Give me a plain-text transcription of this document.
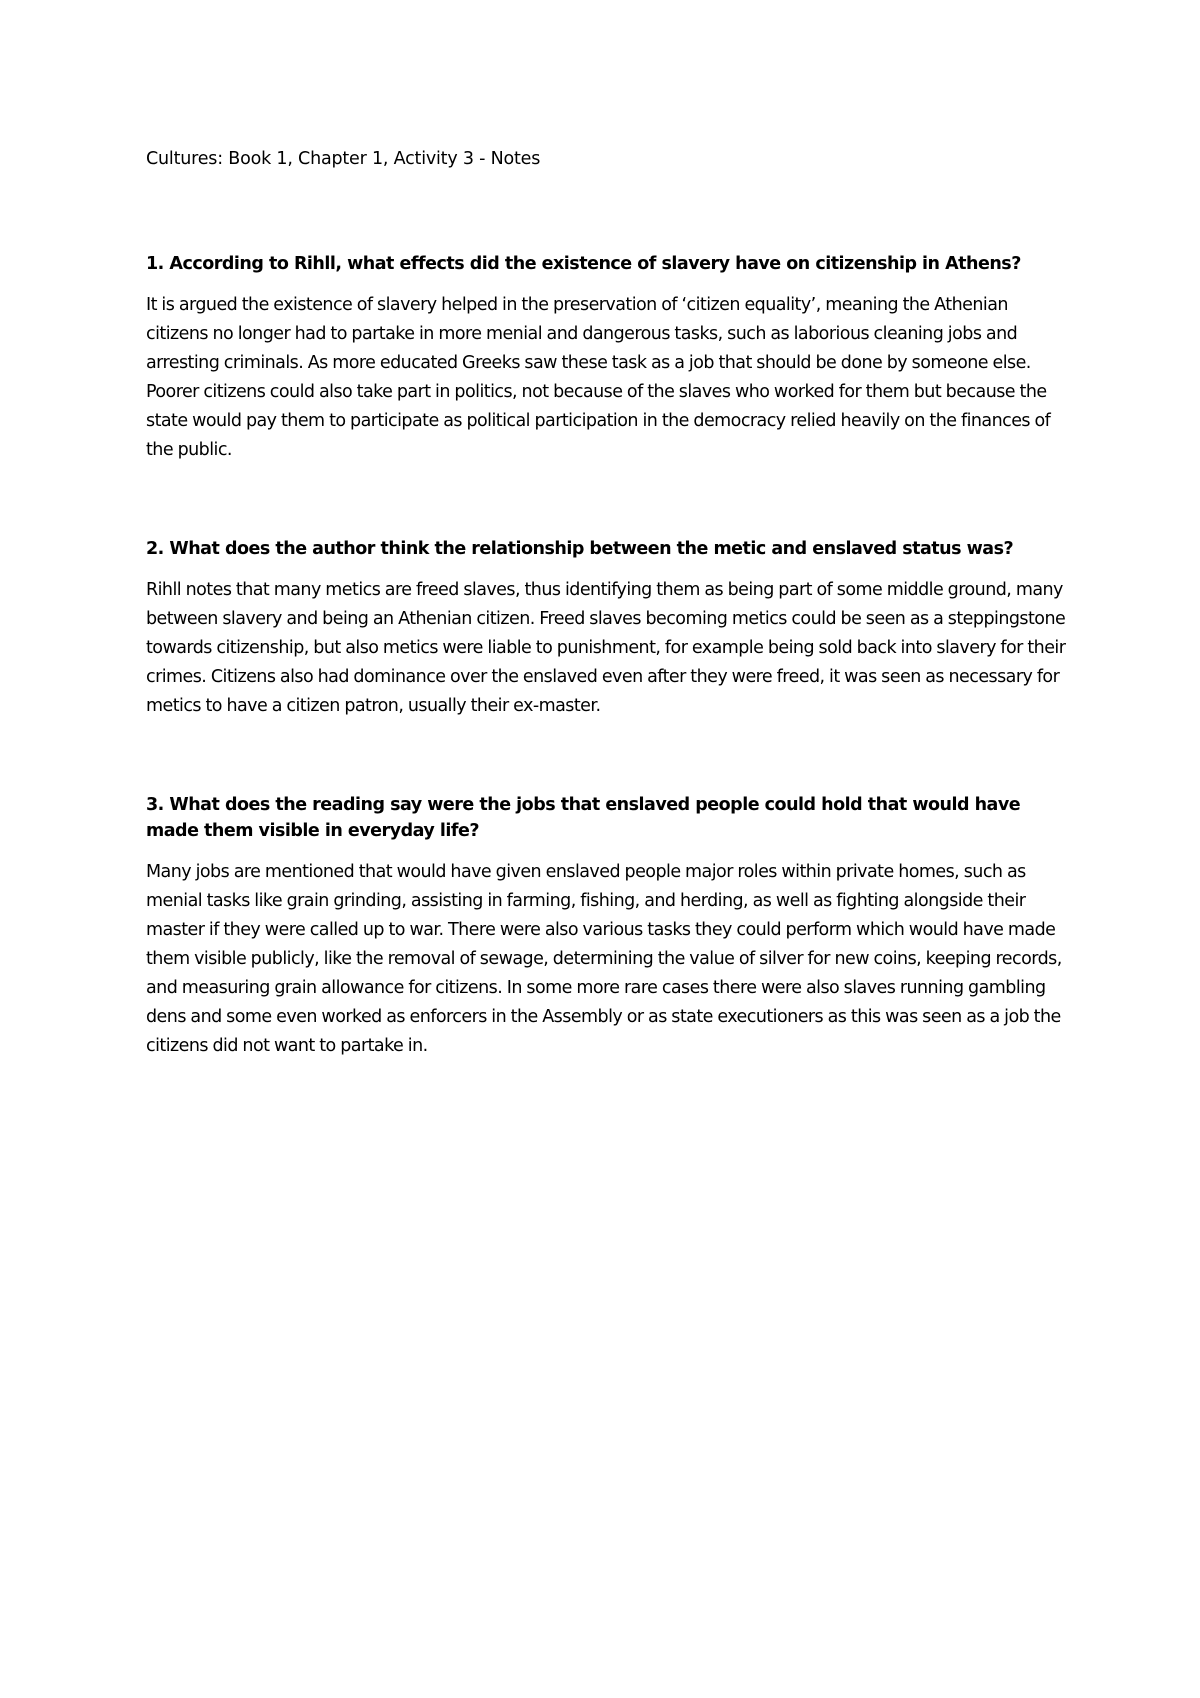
Cultures: Book 1, Chapter 1, Activity 3 - Notes

1. According to Rihll, what effects did the existence of slavery have on citizenship in Athens?

It is argued the existence of slavery helped in the preservation of ‘citizen equality’, meaning the Athenian citizens no longer had to partake in more menial and dangerous tasks, such as laborious cleaning jobs and arresting criminals. As more educated Greeks saw these task as a job that should be done by someone else. Poorer citizens could also take part in politics, not because of the slaves who worked for them but because the state would pay them to participate as political participation in the democracy relied heavily on the finances of the public.

2. What does the author think the relationship between the metic and enslaved status was?

Rihll notes that many metics are freed slaves, thus identifying them as being part of some middle ground, many between slavery and being an Athenian citizen. Freed slaves becoming metics could be seen as a steppingstone towards citizenship, but also metics were liable to punishment, for example being sold back into slavery for their crimes. Citizens also had dominance over the enslaved even after they were freed, it was seen as necessary for metics to have a citizen patron, usually their ex-master.

3. What does the reading say were the jobs that enslaved people could hold that would have made them visible in everyday life?

Many jobs are mentioned that would have given enslaved people major roles within private homes, such as menial tasks like grain grinding, assisting in farming, fishing, and herding, as well as fighting alongside their master if they were called up to war. There were also various tasks they could perform which would have made them visible publicly, like the removal of sewage, determining the value of silver for new coins, keeping records, and measuring grain allowance for citizens. In some more rare cases there were also slaves running gambling dens and some even worked as enforcers in the Assembly or as state executioners as this was seen as a job the citizens did not want to partake in.
